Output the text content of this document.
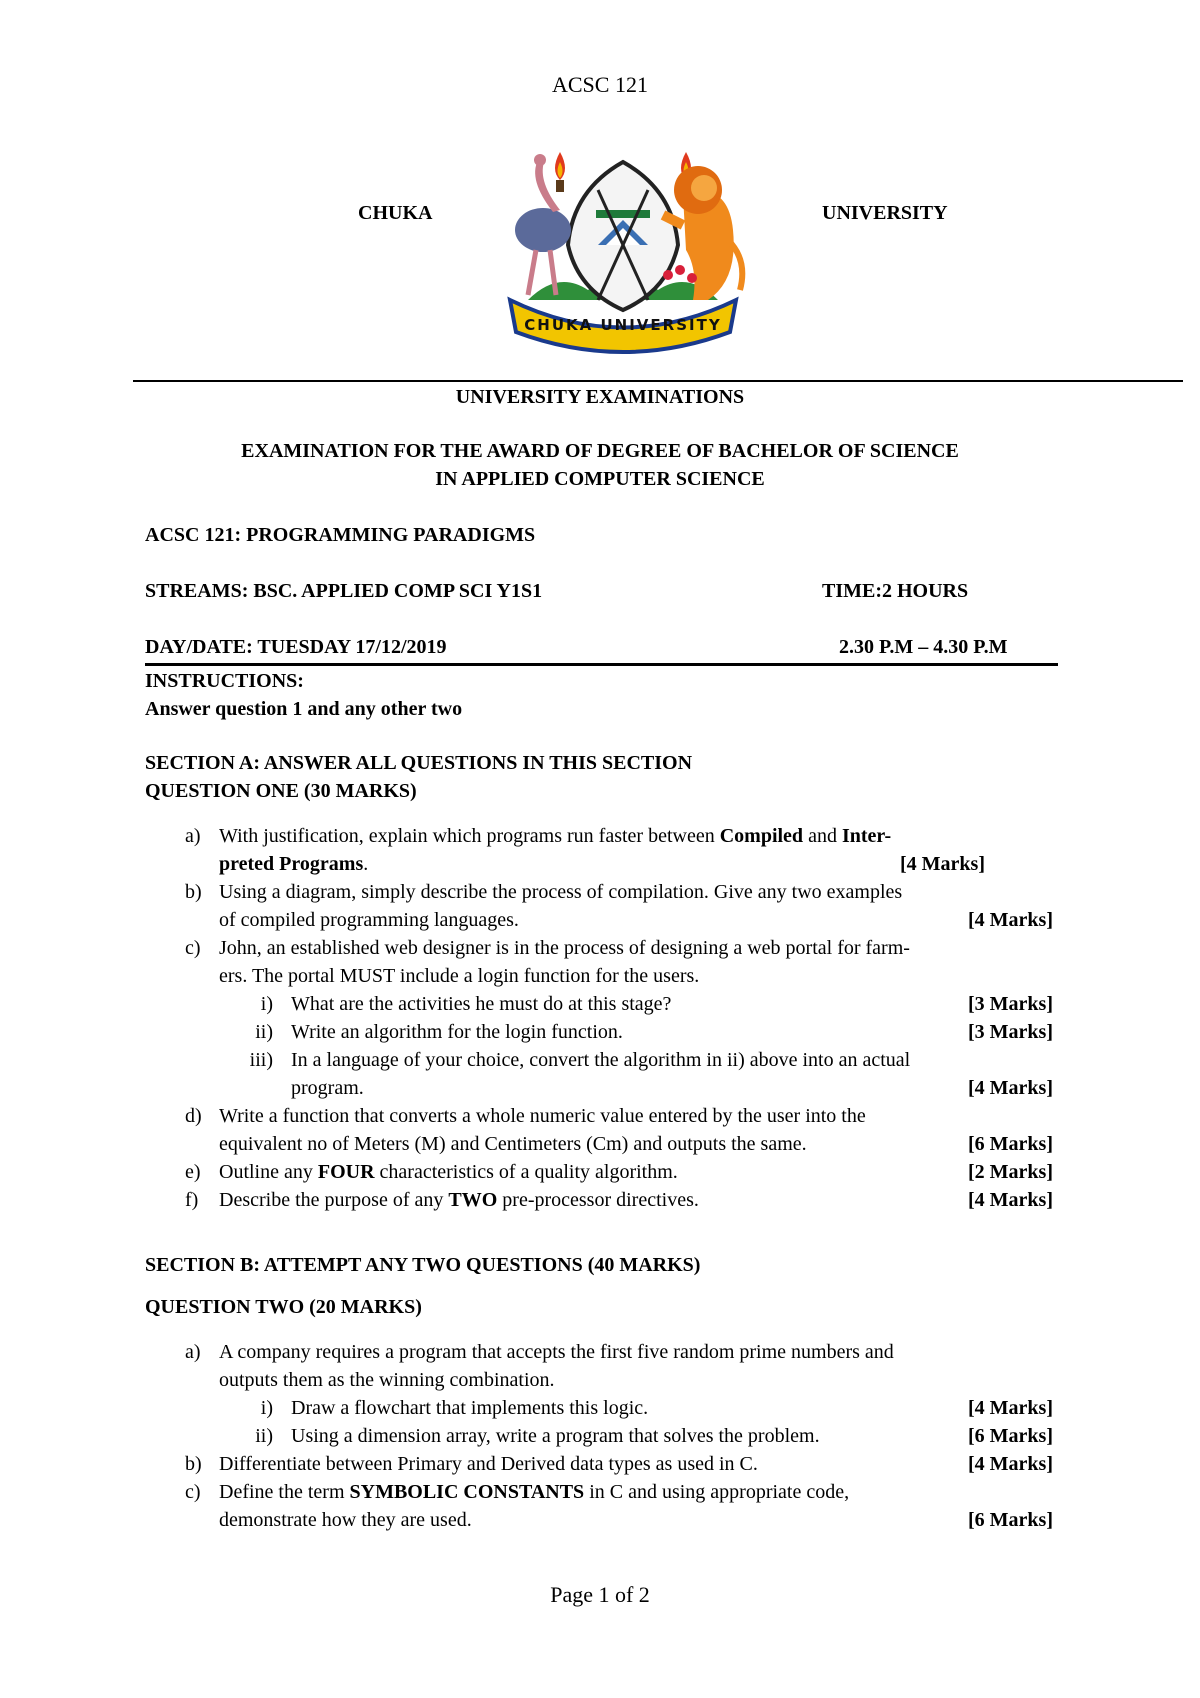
ACSC 121
CHUKA	UNIVERSITY
CHUKA UNIVERSITY
UNIVERSITY EXAMINATIONS
EXAMINATION FOR THE AWARD OF DEGREE OF BACHELOR OF SCIENCE
IN APPLIED COMPUTER SCIENCE
ACSC 121: PROGRAMMING PARADIGMS
STREAMS: BSC. APPLIED COMP SCI Y1S1	TIME:2 HOURS
DAY/DATE: TUESDAY 17/12/2019	2.30 P.M – 4.30 P.M
INSTRUCTIONS:
Answer question 1 and any other two
SECTION A: ANSWER ALL QUESTIONS IN THIS SECTION
QUESTION ONE (30 MARKS)
a) With justification, explain which programs run faster between Compiled and Inter-
preted Programs.	[4 Marks]
b) Using a diagram, simply describe the process of compilation. Give any two examples
of compiled programming languages.	[4 Marks]
c) John, an established web designer is in the process of designing a web portal for farm-
ers. The portal MUST include a login function for the users.
i) What are the activities he must do at this stage?	[3 Marks]
ii) Write an algorithm for the login function.	[3 Marks]
iii) In a language of your choice, convert the algorithm in ii) above into an actual
program.	[4 Marks]
d) Write a function that converts a whole numeric value entered by the user into the
equivalent no of Meters (M) and Centimeters (Cm) and outputs the same.	[6 Marks]
e) Outline any FOUR characteristics of a quality algorithm.	[2 Marks]
f) Describe the purpose of any TWO pre-processor directives.	[4 Marks]
SECTION B: ATTEMPT ANY TWO QUESTIONS (40 MARKS)
QUESTION TWO (20 MARKS)
a) A company requires a program that accepts the first five random prime numbers and
outputs them as the winning combination.
i) Draw a flowchart that implements this logic.	[4 Marks]
ii) Using a dimension array, write a program that solves the problem.	[6 Marks]
b) Differentiate between Primary and Derived data types as used in C.	[4 Marks]
c) Define the term SYMBOLIC CONSTANTS in C and using appropriate code,
demonstrate how they are used.	[6 Marks]
Page 1 of 2
